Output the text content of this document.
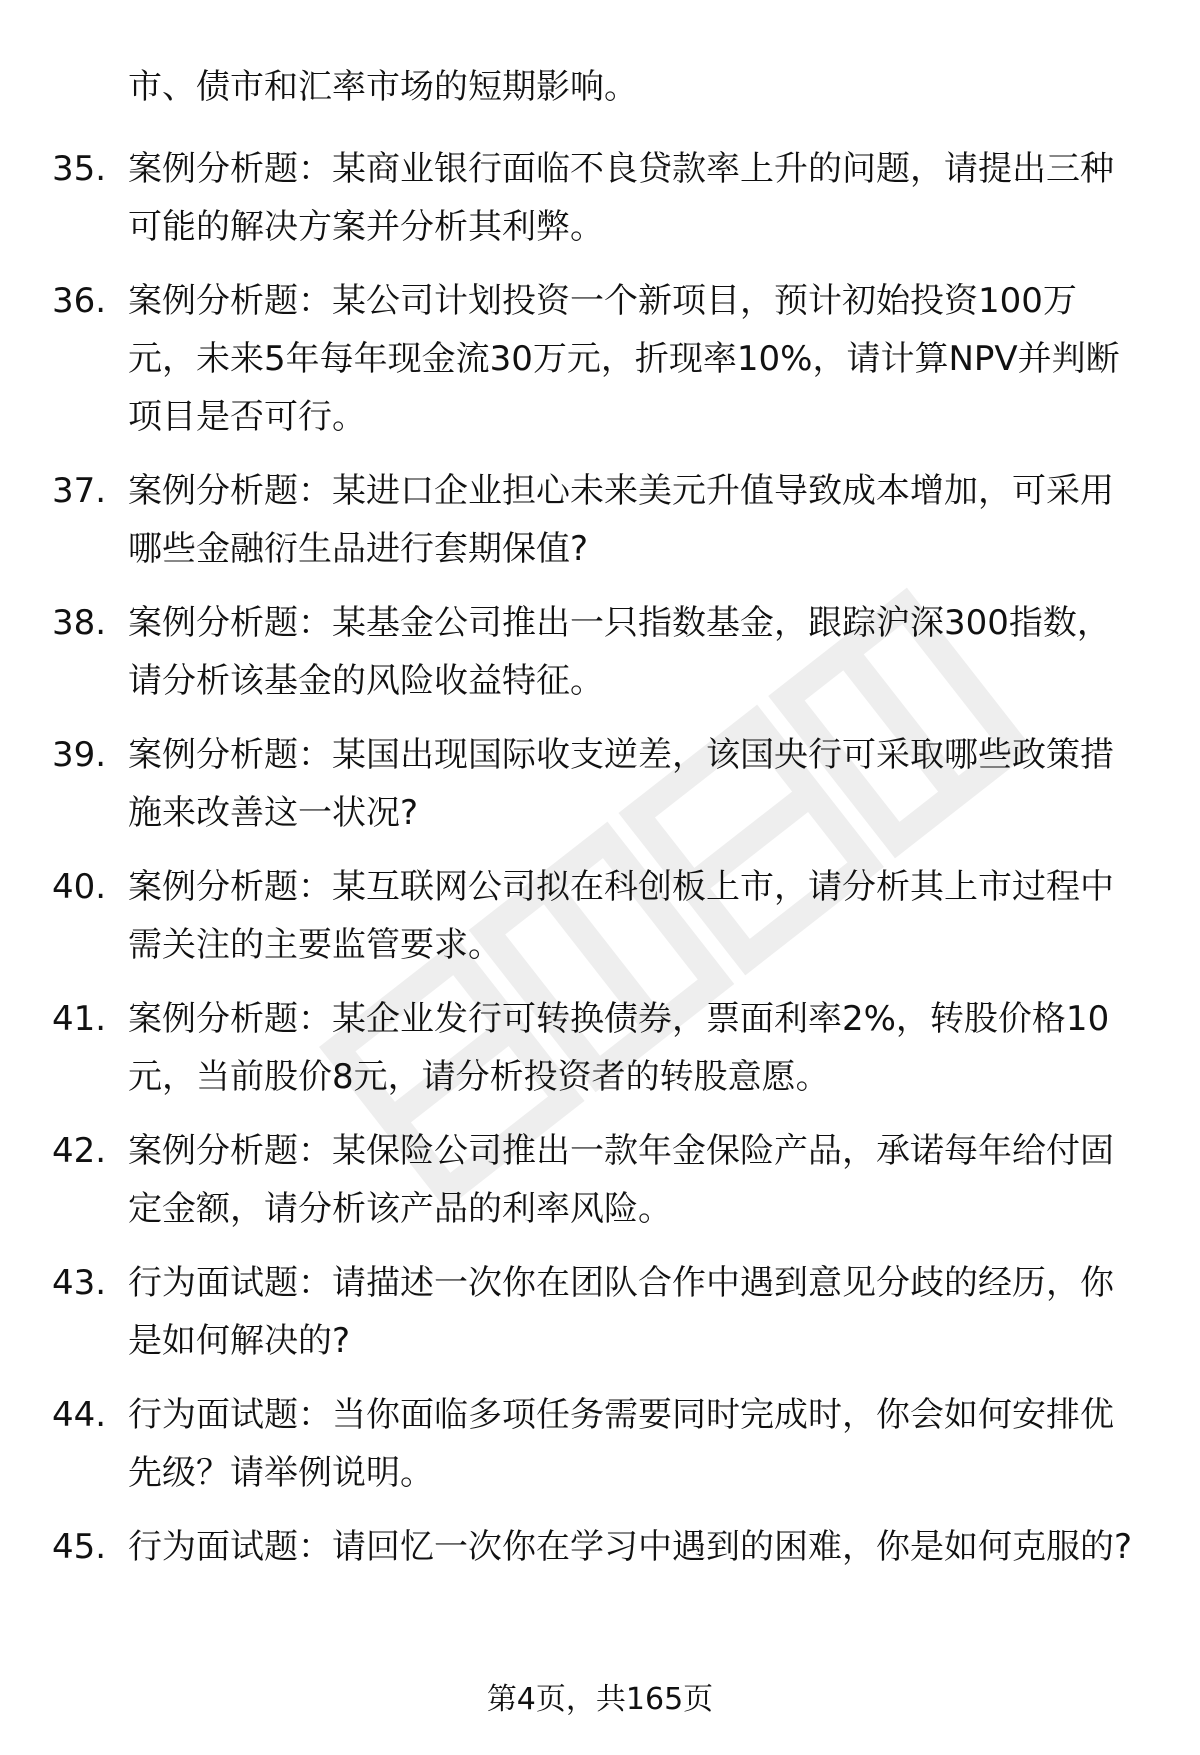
市、债市和汇率市场的短期影响。
35. 案例分析题：某商业银行面临不良贷款率上升的问题，请提出三种可能的解决方案并分析其利弊。
36. 案例分析题：某公司计划投资一个新项目，预计初始投资100万元，未来5年每年现金流30万元，折现率10%，请计算NPV并判断项目是否可行。
37. 案例分析题：某进口企业担心未来美元升值导致成本增加，可采用哪些金融衍生品进行套期保值?
38. 案例分析题：某基金公司推出一只指数基金，跟踪沪深300指数，请分析该基金的风险收益特征。
39. 案例分析题：某国出现国际收支逆差，该国央行可采取哪些政策措施来改善这一状况?
40. 案例分析题：某互联网公司拟在科创板上市，请分析其上市过程中需关注的主要监管要求。
41. 案例分析题：某企业发行可转换债券，票面利率2%，转股价格10元，当前股价8元，请分析投资者的转股意愿。
42. 案例分析题：某保险公司推出一款年金保险产品，承诺每年给付固定金额，请分析该产品的利率风险。
43. 行为面试题：请描述一次你在团队合作中遇到意见分歧的经历，你是如何解决的?
44. 行为面试题：当你面临多项任务需要同时完成时，你会如何安排优先级？请举例说明。
45. 行为面试题：请回忆一次你在学习中遇到的困难，你是如何克服的?
第4页，共165页
